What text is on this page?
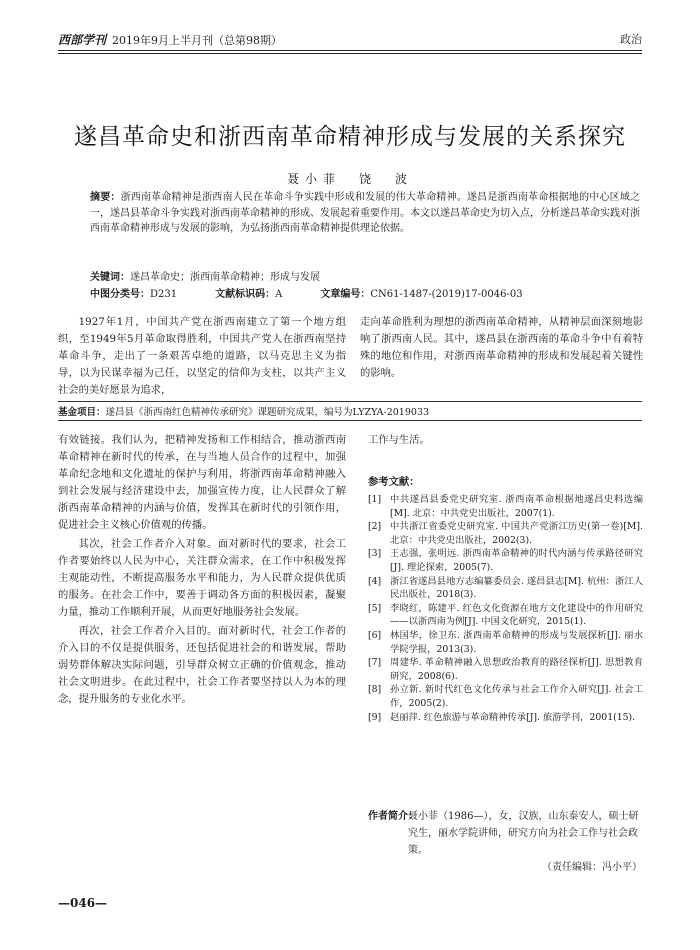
西部学刊 2019年9月上半月刊（总第98期）	政治
遂昌革命史和浙西南革命精神形成与发展的关系探究
聂小菲　饶　波
摘要：浙西南革命精神是浙西南人民在革命斗争实践中形成和发展的伟大革命精神。遂昌是浙西南革命根据地的中心区域之一，遂昌县革命斗争实践对浙西南革命精神的形成、发展起着重要作用。本文以遂昌革命史为切入点，分析遂昌革命实践对浙西南革命精神形成与发展的影响，为弘扬浙西南革命精神提供理论依据。
关键词：遂昌革命史；浙西南革命精神；形成与发展
中图分类号：D231	文献标识码：A	文章编号：CN61-1487-(2019)17-0046-03
1927年1月，中国共产党在浙西南建立了第一个地方组织，至1949年5月革命取得胜利，中国共产党人在浙西南坚持革命斗争，走出了一条艰苦卓绝的道路，以马克思主义为指导，以为民谋幸福为己任，以坚定的信仰为支柱，以共产主义社会的美好愿景为追求，
走向革命胜利为理想的浙西南革命精神，从精神层面深刻地影响了浙西南人民。其中，遂昌县在浙西南的革命斗争中有着特殊的地位和作用，对浙西南革命精神的形成和发展起着关键性的影响。
基金项目：遂昌县《浙西南红色精神传承研究》课题研究成果，编号为LYZYA-2019033

有效链接。我们认为，把精神发扬和工作相结合，推动浙西南革命精神在新时代的传承，在与当地人员合作的过程中，加强革命纪念地和文化遗址的保护与利用，将浙西南革命精神融入到社会发展与经济建设中去，加强宣传力度，让人民群众了解浙西南革命精神的内涵与价值，发挥其在新时代的引领作用，促进社会主义核心价值观的传播。

其次，社会工作者介入对象。面对新时代的要求，社会工作者要始终以人民为中心，关注群众需求，在工作中积极发挥主观能动性，不断提高服务水平和能力，为人民群众提供优质的服务。在社会工作中，要善于调动各方面的积极因素，凝聚力量，推动工作顺利开展，从而更好地服务社会发展。

再次，社会工作者介入目的。面对新时代，社会工作者的介入目的不仅是提供服务，还包括促进社会的和谐发展，帮助弱势群体解决实际问题，引导群众树立正确的价值观念，推动社会文明进步。在此过程中，社会工作者要坚持以人为本的理念，提升服务的专业化水平。

工作与生活。
参考文献：
[1] 中共遂昌县委党史研究室. 浙西南革命根据地遂昌史料选编[M]. 北京：中共党史出版社，2007(1).
[2] 中共浙江省委党史研究室. 中国共产党浙江历史(第一卷)[M]. 北京：中共党史出版社，2002(3).
[3] 王志强，张明远. 浙西南革命精神的时代内涵与传承路径研究[J]. 理论探索，2005(7).
[4] 浙江省遂昌县地方志编纂委员会. 遂昌县志[M]. 杭州：浙江人民出版社，2018(3).
[5] 李晓红，陈建平. 红色文化资源在地方文化建设中的作用研究——以浙西南为例[J]. 中国文化研究，2015(1).
[6] 林国华，徐卫东. 浙西南革命精神的形成与发展探析[J]. 丽水学院学报，2013(3).
[7] 周建华. 革命精神融入思想政治教育的路径探析[J]. 思想教育研究，2008(6).
[8] 孙立新. 新时代红色文化传承与社会工作介入研究[J]. 社会工作，2005(2).
[9] 赵丽萍. 红色旅游与革命精神传承[J]. 旅游学刊，2001(15).
作者简介：
聂小菲（1986—），女，汉族，山东泰安人，硕士研究生，丽水学院讲师，研究方向为社会工作与社会政策。
（责任编辑：冯小平）
—046—
